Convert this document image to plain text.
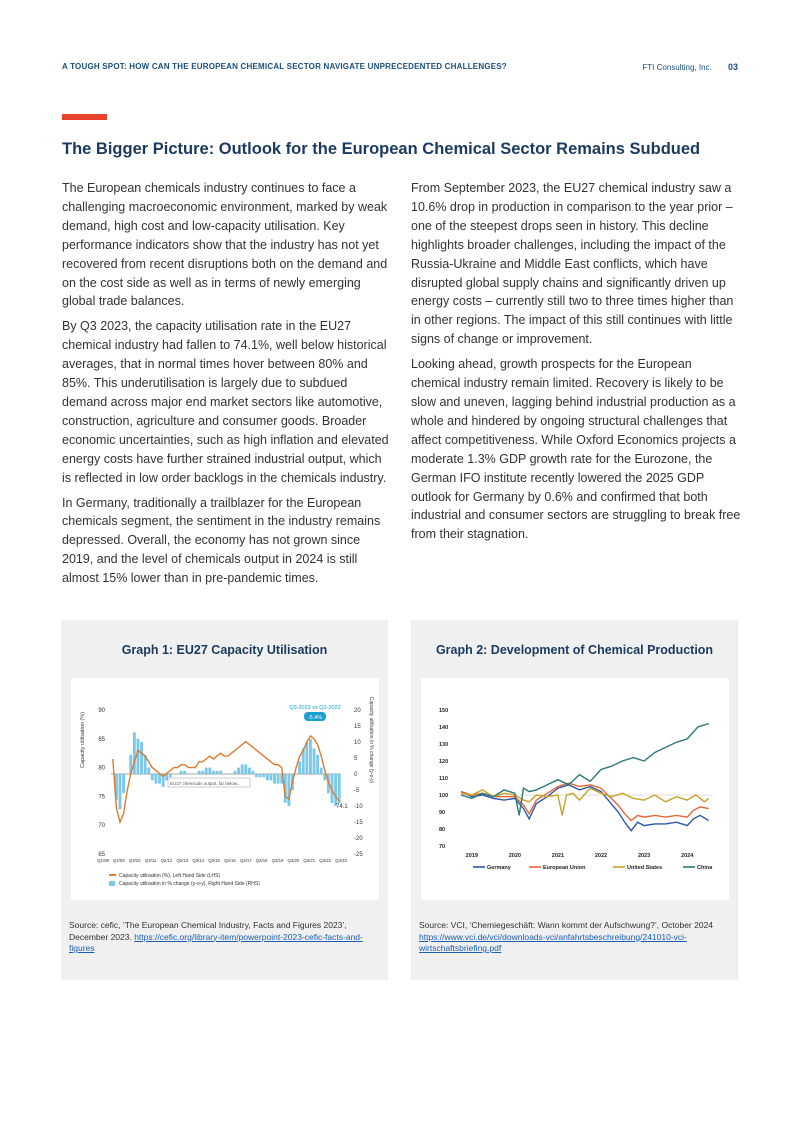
A TOUGH SPOT: HOW CAN THE EUROPEAN CHEMICAL SECTOR NAVIGATE UNPRECEDENTED CHALLENGES?	FTI Consulting, Inc. 03
The Bigger Picture: Outlook for the European Chemical Sector Remains Subdued

The European chemicals industry continues to face a challenging macroeconomic environment, marked by weak demand, high cost and low-capacity utilisation. Key performance indicators show that the industry has not yet recovered from recent disruptions both on the demand and on the cost side as well as in terms of newly emerging global trade balances.

By Q3 2023, the capacity utilisation rate in the EU27 chemical industry had fallen to 74.1%, well below historical averages, that in normal times hover between 80% and 85%. This underutilisation is largely due to subdued demand across major end market sectors like automotive, construction, agriculture and consumer goods. Broader economic uncertainties, such as high inflation and elevated energy costs have further strained industrial output, which is reflected in low order backlogs in the chemicals industry.

In Germany, traditionally a trailblazer for the European chemicals segment, the sentiment in the industry remains depressed. Overall, the economy has not grown since 2019, and the level of chemicals output in 2024 is still almost 15% lower than in pre-pandemic times.

From September 2023, the EU27 chemical industry saw a 10.6% drop in production in comparison to the year prior – one of the steepest drops seen in history. This decline highlights broader challenges, including the impact of the Russia-Ukraine and Middle East conflicts, which have disrupted global supply chains and significantly driven up energy costs – currently still two to three times higher than in other regions. The impact of this still continues with little signs of change or improvement.

Looking ahead, growth prospects for the European chemical industry remain limited. Recovery is likely to be slow and uneven, lagging behind industrial production as a whole and hindered by ongoing structural challenges that affect competitiveness. While Oxford Economics projects a moderate 1.3% GDP growth rate for the Eurozone, the German IFO institute recently lowered the 2025 GDP outlook for Germany by 0.6% and confirmed that both industrial and consumer sectors are struggling to break free from their stagnation.

Graph 1: EU27 Capacity Utilisation
90
85
80
75
70
65
20
15
10
5
0
-5
-10
-15
-20
-25
Q1/09 Q1/09 Q3/10 Q3/11 Q2/12 Q2/13 Q3/14 Q3/15 Q3/16 Q3/17 Q3/18 Q3/19 Q3/20 Q3/21 Q3/22 Q3/23
Capacity utilisation (%)	Capacity utilisation in % change (y-o-y)
EU27 chemicals output, far below...
Q3-2023 vs Q3-2022
-5.4%
74.1
Capacity utilisation (%), Left Hand Side (LHS)
Capacity utilisation in % change (y-o-y), Right Hand Side (RHS)
Source: cefic, ‘The European Chemical Industry, Facts and Figures 2023’, December 2023. https://cefic.org/library-item/powerpoint-2023-cefic-facts-and-figures
Graph 2: Development of Chemical Production
150
140
130
120
110
100
90
80
70
2019	2020	2021	2022	2023	2024
Germany	European Union	United States	China
Source: VCI, ‘Chemiegeschäft: Wann kommt der Aufschwung?’, October 2024 https://www.vci.de/vci/downloads-vci/anfahrtsbeschreibung/241010-vci-wirtschaftsbriefing.pdf
